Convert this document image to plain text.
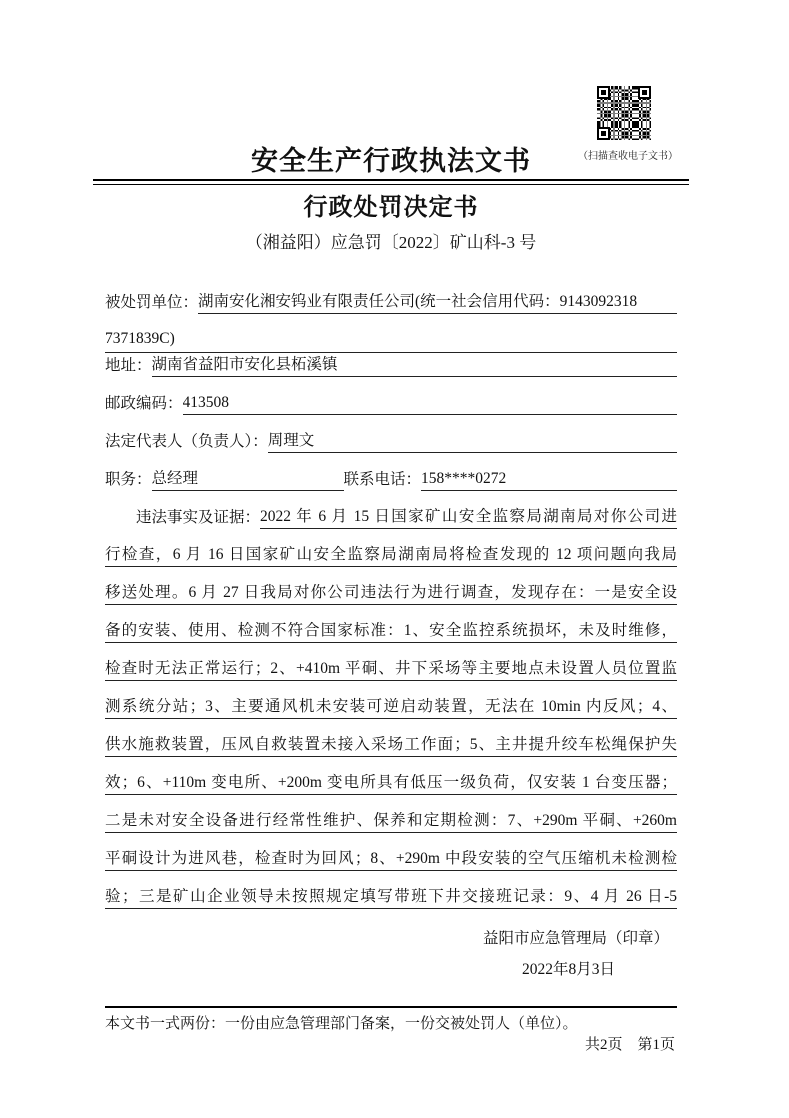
（扫描查收电子文书）
安全生产行政执法文书
行政处罚决定书
（湘益阳）应急罚〔2022〕矿山科-3 号
被处罚单位： 湖南安化湘安钨业有限责任公司(统一社会信用代码：9143092318
7371839C)
地址： 湖南省益阳市安化县柘溪镇
邮政编码： 413508
法定代表人（负责人）： 周理文
职务： 总经理	联系电话： 158****0272
违法事实及证据： 2022 年 6 月 15 日国家矿山安全监察局湖南局对你公司进
行检查，6 月 16 日国家矿山安全监察局湖南局将检查发现的 12 项问题向我局
移送处理。6 月 27 日我局对你公司违法行为进行调查，发现存在：一是安全设
备的安装、使用、检测不符合国家标准：1、安全监控系统损坏，未及时维修，
检查时无法正常运行；2、+410m 平硐、井下采场等主要地点未设置人员位置监
测系统分站；3、主要通风机未安装可逆启动装置，无法在 10min 内反风；4、
供水施救装置，压风自救装置未接入采场工作面；5、主井提升绞车松绳保护失
效；6、+110m 变电所、+200m 变电所具有低压一级负荷，仅安装 1 台变压器；
二是未对安全设备进行经常性维护、保养和定期检测：7、+290m 平硐、+260m
平硐设计为进风巷，检查时为回风；8、+290m 中段安装的空气压缩机未检测检
验；三是矿山企业领导未按照规定填写带班下井交接班记录：9、4 月 26 日-5
益阳市应急管理局（印章）
2022年8月3日
本文书一式两份：一份由应急管理部门备案，一份交被处罚人（单位）。
共2页　第1页
